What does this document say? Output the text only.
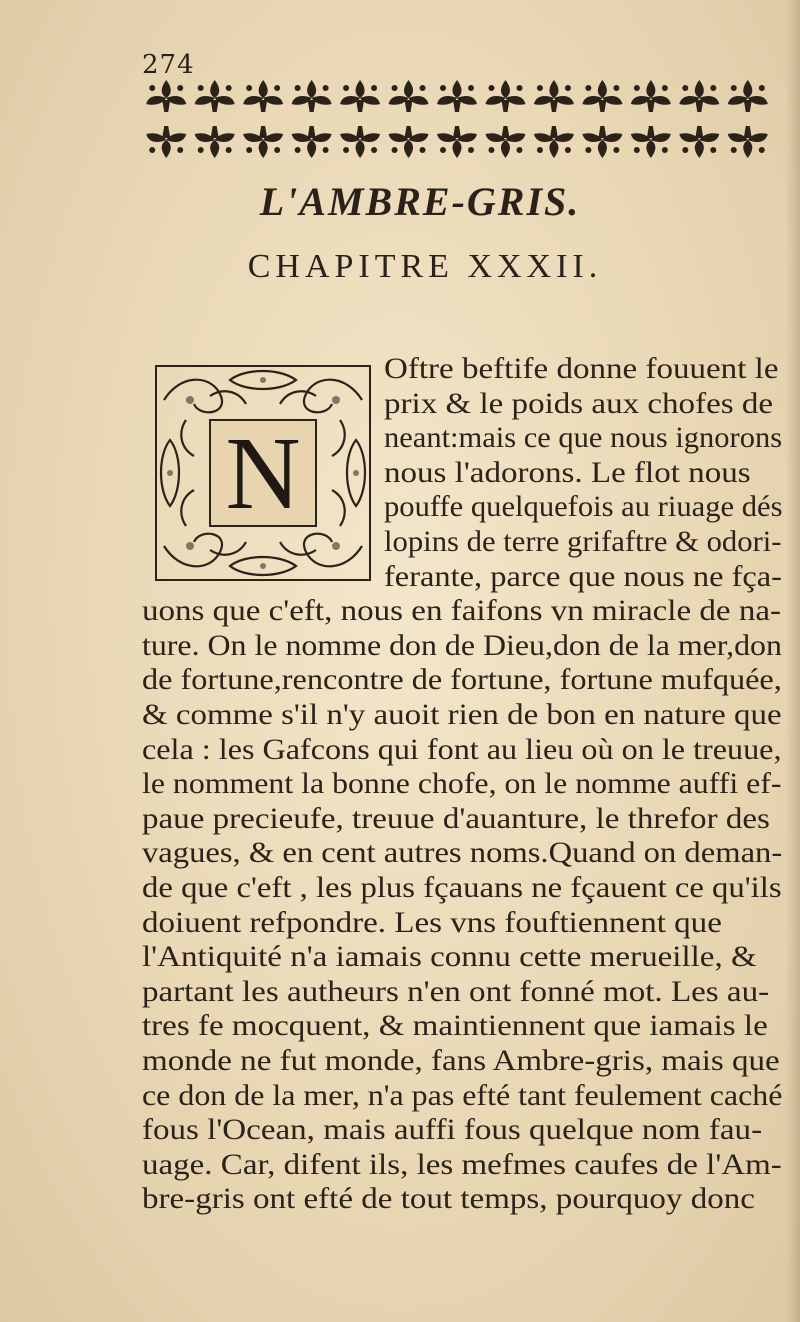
274
L'AMBRE-GRIS.
CHAPITRE XXXII.
N
Oftre beftife donne fouuent le
prix & le poids aux chofes de
neant:mais ce que nous ignorons
nous l'adorons. Le flot nous
pouffe quelquefois au riuage dés
lopins de terre grifaftre & odori-
ferante, parce que nous ne fça-
uons que c'eft, nous en faifons vn miracle de na-
ture. On le nomme don de Dieu,don de la mer,don
de fortune,rencontre de fortune, fortune mufquée,
& comme s'il n'y auoit rien de bon en nature que
cela : les Gafcons qui font au lieu où on le treuue,
le nomment la bonne chofe, on le nomme auffi ef-
paue precieufe, treuue d'auanture, le threfor des
vagues, & en cent autres noms.Quand on deman-
de que c'eft , les plus fçauans ne fçauent ce qu'ils
doiuent refpondre. Les vns fouftiennent que
l'Antiquité n'a iamais connu cette merueille, &
partant les autheurs n'en ont fonné mot. Les au-
tres fe mocquent, & maintiennent que iamais le
monde ne fut monde, fans Ambre-gris, mais que
ce don de la mer, n'a pas efté tant feulement caché
fous l'Ocean, mais auffi fous quelque nom fau-
uage. Car, difent ils, les mefmes caufes de l'Am-
bre-gris ont efté de tout temps, pourquoy donc
